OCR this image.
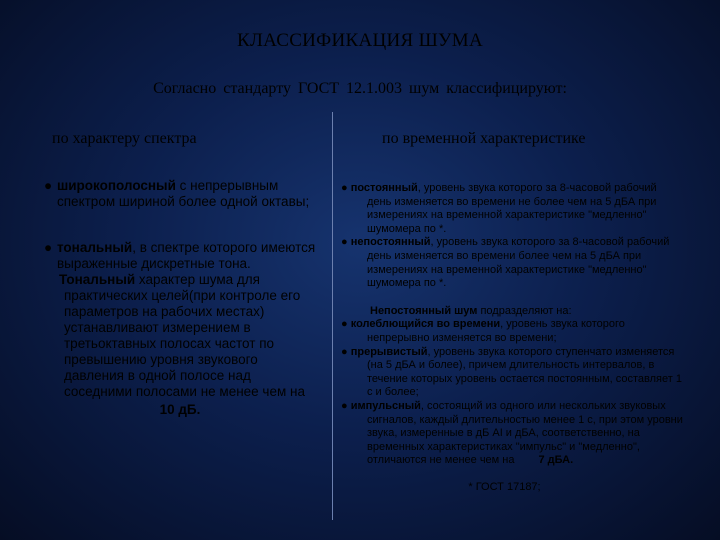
КЛАССИФИКАЦИЯ ШУМА
Согласно стандарту ГОСТ 12.1.003 шум классифицируют:
по характеру спектра	по временной характеристике
● широкополосный с непрерывным спектром шириной более одной октавы;
● тональный, в спектре которого имеются выраженные дискретные тона.
Тональный характер шума для практических целей(при контроле его параметров на рабочих местах) устанавливают измерением в третьоктавных полосах частот по превышению уровня звукового давления в одной полосе над соседними полосами не менее чем на
10 дБ.
● постоянный, уровень звука которого за 8-часовой рабочий день изменяется во времени не более чем на 5 дБА при измерениях на временной характеристике "медленно" шумомера по *.
● непостоянный, уровень звука которого за 8-часовой рабочий день изменяется во времени более чем на 5 дБА при измерениях на временной характеристике "медленно" шумомера по *.
Непостоянный шум подразделяют на:
● колеблющийся во времени, уровень звука которого непрерывно изменяется во времени;
● прерывистый, уровень звука которого ступенчато изменяется (на 5 дБА и более), причем длительность интервалов, в течение которых уровень остается постоянным, составляет 1 с и более;
● импульсный, состоящий из одного или нескольких звуковых сигналов, каждый длительностью менее 1 с, при этом уровни звука, измеренные в дБ AI и дБА, соответственно, на временных характеристиках "импульс" и "медленно", отличаются не менее чем на 7 дБА.
* ГОСТ 17187;
